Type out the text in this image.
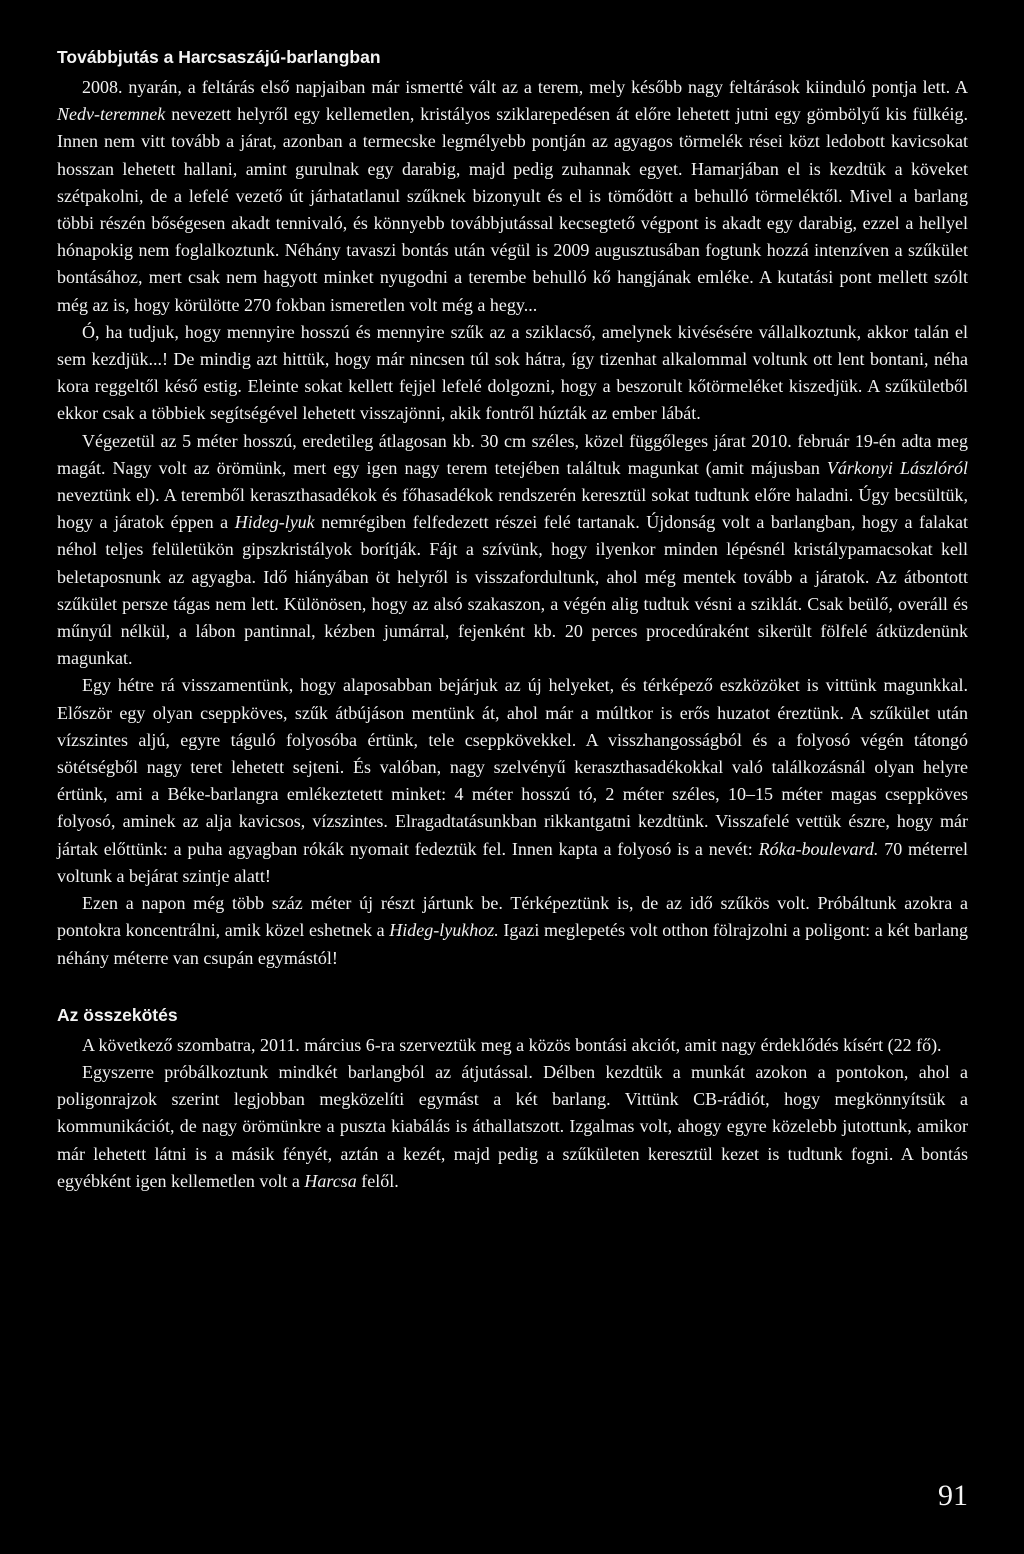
Továbbjutás a Harcsaszájú-barlangban

2008. nyarán, a feltárás első napjaiban már ismertté vált az a terem, mely később nagy feltárások kiinduló pontja lett. A Nedv-teremnek nevezett helyről egy kellemetlen, kristályos sziklarepedésen át előre lehetett jutni egy gömbölyű kis fülkéig. Innen nem vitt tovább a járat, azonban a termecske legmélyebb pontján az agyagos törmelék rései közt ledobott kavicsokat hosszan lehetett hallani, amint gurulnak egy darabig, majd pedig zuhannak egyet. Hamarjában el is kezdtük a köveket szétpakolni, de a lefelé vezető út járhatatlanul szűknek bizonyult és el is tömődött a behulló törmeléktől. Mivel a barlang többi részén bőségesen akadt tennivaló, és könnyebb továbbjutással kecsegtető végpont is akadt egy darabig, ezzel a hellyel hónapokig nem foglalkoztunk. Néhány tavaszi bontás után végül is 2009 augusztusában fogtunk hozzá intenzíven a szűkület bontásához, mert csak nem hagyott minket nyugodni a terembe behulló kő hangjának emléke. A kutatási pont mellett szólt még az is, hogy körülötte 270 fokban ismeretlen volt még a hegy...

Ó, ha tudjuk, hogy mennyire hosszú és mennyire szűk az a sziklacső, amelynek kivésésére vállalkoztunk, akkor talán el sem kezdjük...! De mindig azt hittük, hogy már nincsen túl sok hátra, így tizenhat alkalommal voltunk ott lent bontani, néha kora reggeltől késő estig. Eleinte sokat kellett fejjel lefelé dolgozni, hogy a beszorult kőtörmeléket kiszedjük. A szűkületből ekkor csak a többiek segítségével lehetett visszajönni, akik fontről húzták az ember lábát.

Végezetül az 5 méter hosszú, eredetileg átlagosan kb. 30 cm széles, közel függőleges járat 2010. február 19-én adta meg magát. Nagy volt az örömünk, mert egy igen nagy terem tetejében találtuk magunkat (amit májusban Várkonyi Lászlóról neveztünk el). A teremből keraszthasadékok és főhasadékok rendszerén keresztül sokat tudtunk előre haladni. Úgy becsültük, hogy a járatok éppen a Hideg-lyuk nemrégiben felfedezett részei felé tartanak. Újdonság volt a barlangban, hogy a falakat néhol teljes felületükön gipszkristályok borítják. Fájt a szívünk, hogy ilyenkor minden lépésnél kristálypamacsokat kell beletaposnunk az agyagba. Idő hiányában öt helyről is visszafordultunk, ahol még mentek tovább a járatok. Az átbontott szűkület persze tágas nem lett. Különösen, hogy az alsó szakaszon, a végén alig tudtuk vésni a sziklát. Csak beülő, overáll és műnyúl nélkül, a lábon pantinnal, kézben jumárral, fejenként kb. 20 perces procedúraként sikerült fölfelé átküzdenünk magunkat.

Egy hétre rá visszamentünk, hogy alaposabban bejárjuk az új helyeket, és térképező eszközöket is vittünk magunkkal. Először egy olyan cseppköves, szűk átbújáson mentünk át, ahol már a múltkor is erős huzatot éreztünk. A szűkület után vízszintes aljú, egyre táguló folyosóba értünk, tele cseppkövekkel. A visszhangosságból és a folyosó végén tátongó sötétségből nagy teret lehetett sejteni. És valóban, nagy szelvényű keraszthasadékokkal való találkozásnál olyan helyre értünk, ami a Béke-barlangra emlékeztetett minket: 4 méter hosszú tó, 2 méter széles, 10–15 méter magas cseppköves folyosó, aminek az alja kavicsos, vízszintes. Elragadtatásunkban rikkantgatni kezdtünk. Visszafelé vettük észre, hogy már jártak előttünk: a puha agyagban rókák nyomait fedeztük fel. Innen kapta a folyosó is a nevét: Róka-boulevard. 70 méterrel voltunk a bejárat szintje alatt!

Ezen a napon még több száz méter új részt jártunk be. Térképeztünk is, de az idő szűkös volt. Próbáltunk azokra a pontokra koncentrálni, amik közel eshetnek a Hideg-lyukhoz. Igazi meglepetés volt otthon fölrajzolni a poligont: a két barlang néhány méterre van csupán egymástól!

Az összekötés

A következő szombatra, 2011. március 6-ra szerveztük meg a közös bontási akciót, amit nagy érdeklődés kísért (22 fő).

Egyszerre próbálkoztunk mindkét barlangból az átjutással. Délben kezdtük a munkát azokon a pontokon, ahol a poligonrajzok szerint legjobban megközelíti egymást a két barlang. Vittünk CB-rádiót, hogy megkönnyítsük a kommunikációt, de nagy örömünkre a puszta kiabálás is áthallatszott. Izgalmas volt, ahogy egyre közelebb jutottunk, amikor már lehetett látni is a másik fényét, aztán a kezét, majd pedig a szűkületen keresztül kezet is tudtunk fogni. A bontás egyébként igen kellemetlen volt a Harcsa felől.

91
